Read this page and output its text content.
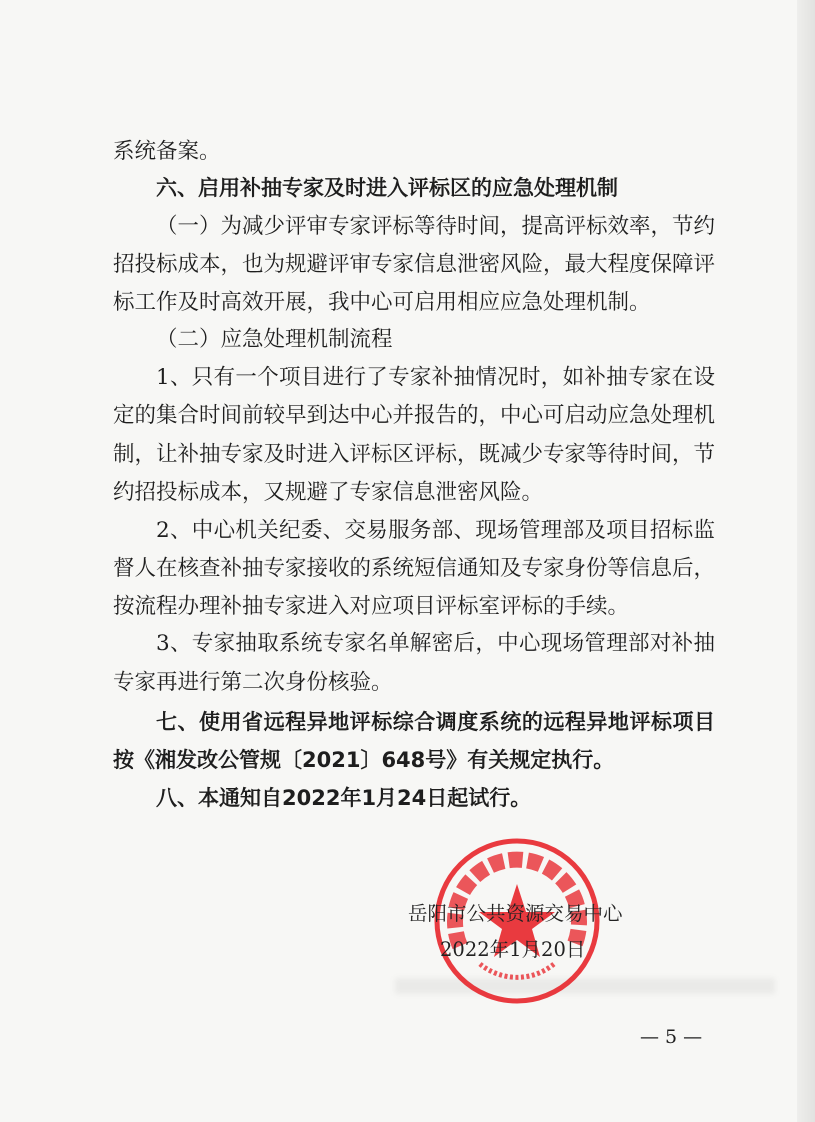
系统备案。
六、启用补抽专家及时进入评标区的应急处理机制
（一）为减少评审专家评标等待时间，提高评标效率，节约
招投标成本，也为规避评审专家信息泄密风险，最大程度保障评
标工作及时高效开展，我中心可启用相应应急处理机制。
（二）应急处理机制流程
1、只有一个项目进行了专家补抽情况时，如补抽专家在设
定的集合时间前较早到达中心并报告的，中心可启动应急处理机
制，让补抽专家及时进入评标区评标，既减少专家等待时间，节
约招投标成本，又规避了专家信息泄密风险。
2、中心机关纪委、交易服务部、现场管理部及项目招标监
督人在核查补抽专家接收的系统短信通知及专家身份等信息后，
按流程办理补抽专家进入对应项目评标室评标的手续。
3、专家抽取系统专家名单解密后，中心现场管理部对补抽
专家再进行第二次身份核验。
七、使用省远程异地评标综合调度系统的远程异地评标项目
按《湘发改公管规〔2021〕648号》有关规定执行。
八、本通知自2022年1月24日起试行。
岳阳市公共资源交易中心
2022年1月20日
— 5 —
